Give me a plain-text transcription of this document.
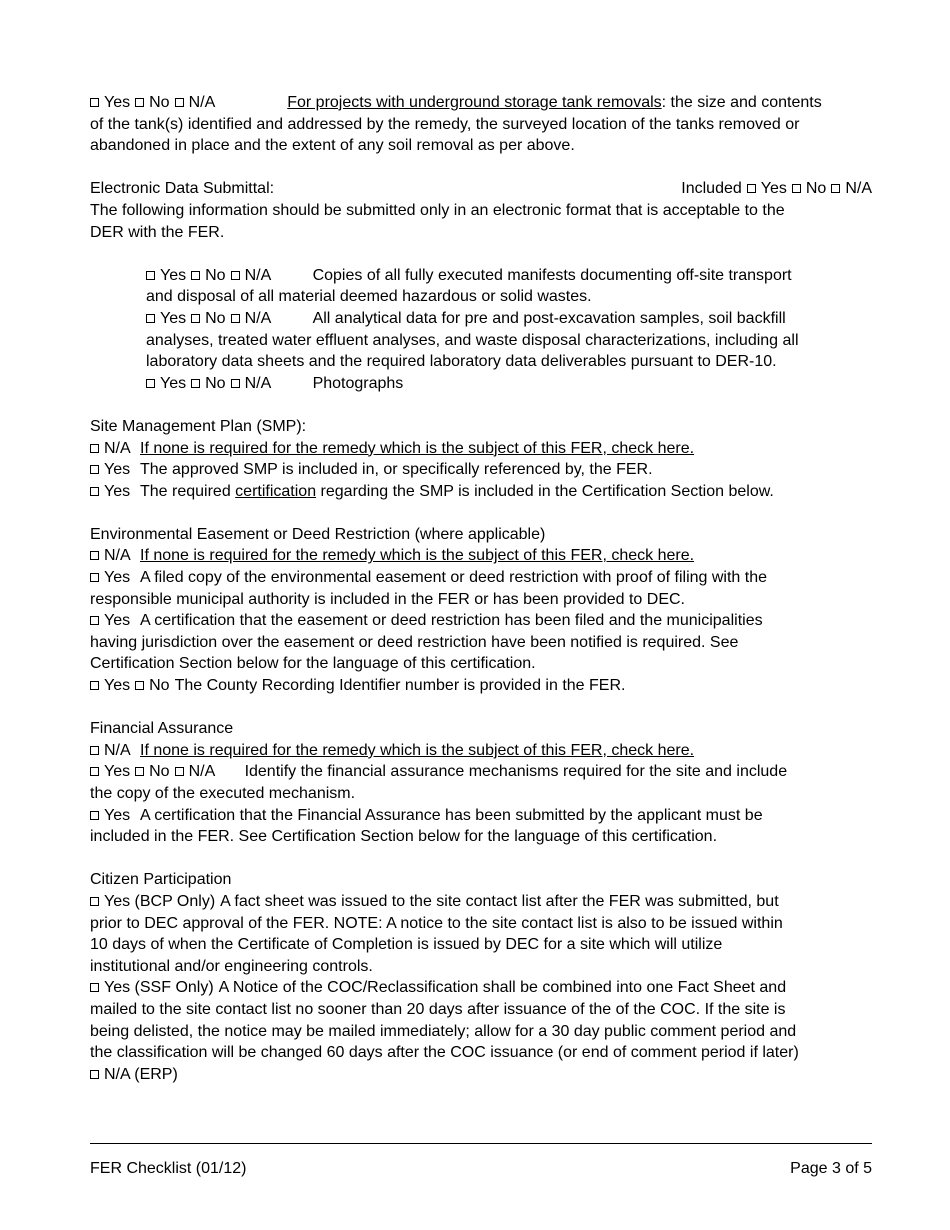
Yes No N/A	For projects with underground storage tank removals: the size and contents
of the tank(s) identified and addressed by the remedy, the surveyed location of the tanks removed or
abandoned in place and the extent of any soil removal as per above.
Electronic Data Submittal:	Included Yes No N/A
The following information should be submitted only in an electronic format that is acceptable to the
DER with the FER.
Yes No N/A	Copies of all fully executed manifests documenting off-site transport
and disposal of all material deemed hazardous or solid wastes.
Yes No N/A	All analytical data for pre and post-excavation samples, soil backfill
analyses, treated water effluent analyses, and waste disposal characterizations, including all
laboratory data sheets and the required laboratory data deliverables pursuant to DER-10.
Yes No N/A	Photographs
Site Management Plan (SMP):
N/A If none is required for the remedy which is the subject of this FER, check here.
Yes The approved SMP is included in, or specifically referenced by, the FER.
Yes The required certification regarding the SMP is included in the Certification Section below.
Environmental Easement or Deed Restriction (where applicable)
N/A If none is required for the remedy which is the subject of this FER, check here.
Yes A filed copy of the environmental easement or deed restriction with proof of filing with the
responsible municipal authority is included in the FER or has been provided to DEC.
Yes A certification that the easement or deed restriction has been filed and the municipalities
having jurisdiction over the easement or deed restriction have been notified is required. See
Certification Section below for the language of this certification.
Yes No The County Recording Identifier number is provided in the FER.
Financial Assurance
N/A If none is required for the remedy which is the subject of this FER, check here.
Yes No N/A Identify the financial assurance mechanisms required for the site and include
the copy of the executed mechanism.
Yes A certification that the Financial Assurance has been submitted by the applicant must be
included in the FER. See Certification Section below for the language of this certification.
Citizen Participation
Yes (BCP Only) A fact sheet was issued to the site contact list after the FER was submitted, but
prior to DEC approval of the FER. NOTE: A notice to the site contact list is also to be issued within
10 days of when the Certificate of Completion is issued by DEC for a site which will utilize
institutional and/or engineering controls.
Yes (SSF Only) A Notice of the COC/Reclassification shall be combined into one Fact Sheet and
mailed to the site contact list no sooner than 20 days after issuance of the of the COC. If the site is
being delisted, the notice may be mailed immediately; allow for a 30 day public comment period and
the classification will be changed 60 days after the COC issuance (or end of comment period if later)
N/A (ERP)
FER Checklist (01/12)	Page 3 of 5
